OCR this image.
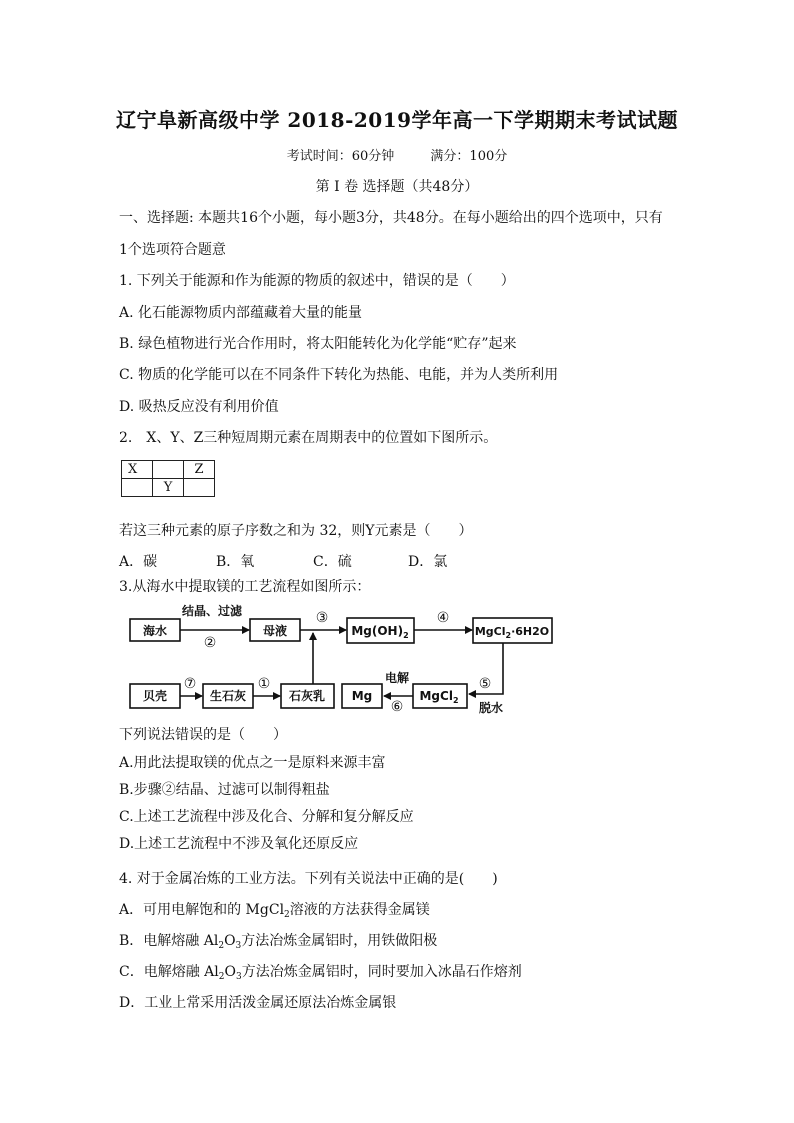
辽宁阜新高级中学 2018-2019学年高一下学期期末考试试题
考试时间：60分钟	满分：100分
第 Ⅰ 卷 选择题（共48分）
一、选择题: 本题共16个小题，每小题3分，共48分。在每小题给出的四个选项中，只有
1个选项符合题意
1. 下列关于能源和作为能源的物质的叙述中，错误的是（　　）
A. 化石能源物质内部蕴藏着大量的能量
B. 绿色植物进行光合作用时，将太阳能转化为化学能“贮存”起来
C. 物质的化学能可以在不同条件下转化为热能、电能，并为人类所利用
D. 吸热反应没有利用价值
2.　X、Y、Z三种短周期元素在周期表中的位置如下图所示。
X		Z
	Y	
若这三种元素的原子序数之和为 32，则Y元素是（　　）
A．碳	B．氧	C．硫	D．氯
3.从海水中提取镁的工艺流程如图所示：
海水	母液	$Mg(OH)_2$	MgCl$_2$·6H2O
贝壳	生石灰	石灰乳 Mg	MgCl$_2$
结晶、过滤
电解
脱水
①
②
③	④
⑤
⑥
⑦
下列说法错误的是（　　）
A.用此法提取镁的优点之一是原料来源丰富
B.步骤②结晶、过滤可以制得粗盐
C.上述工艺流程中涉及化合、分解和复分解反应
D.上述工艺流程中不涉及氧化还原反应
4. 对于金属冶炼的工业方法。下列有关说法中正确的是(　　)
A．可用电解饱和的 MgCl$_2$溶液的方法获得金属镁
B．电解熔融 $Al_2O_3$方法冶炼金属铝时，用铁做阳极
C．电解熔融 $Al_2O_3$方法冶炼金属铝时，同时要加入冰晶石作熔剂
D．工业上常采用活泼金属还原法冶炼金属银
